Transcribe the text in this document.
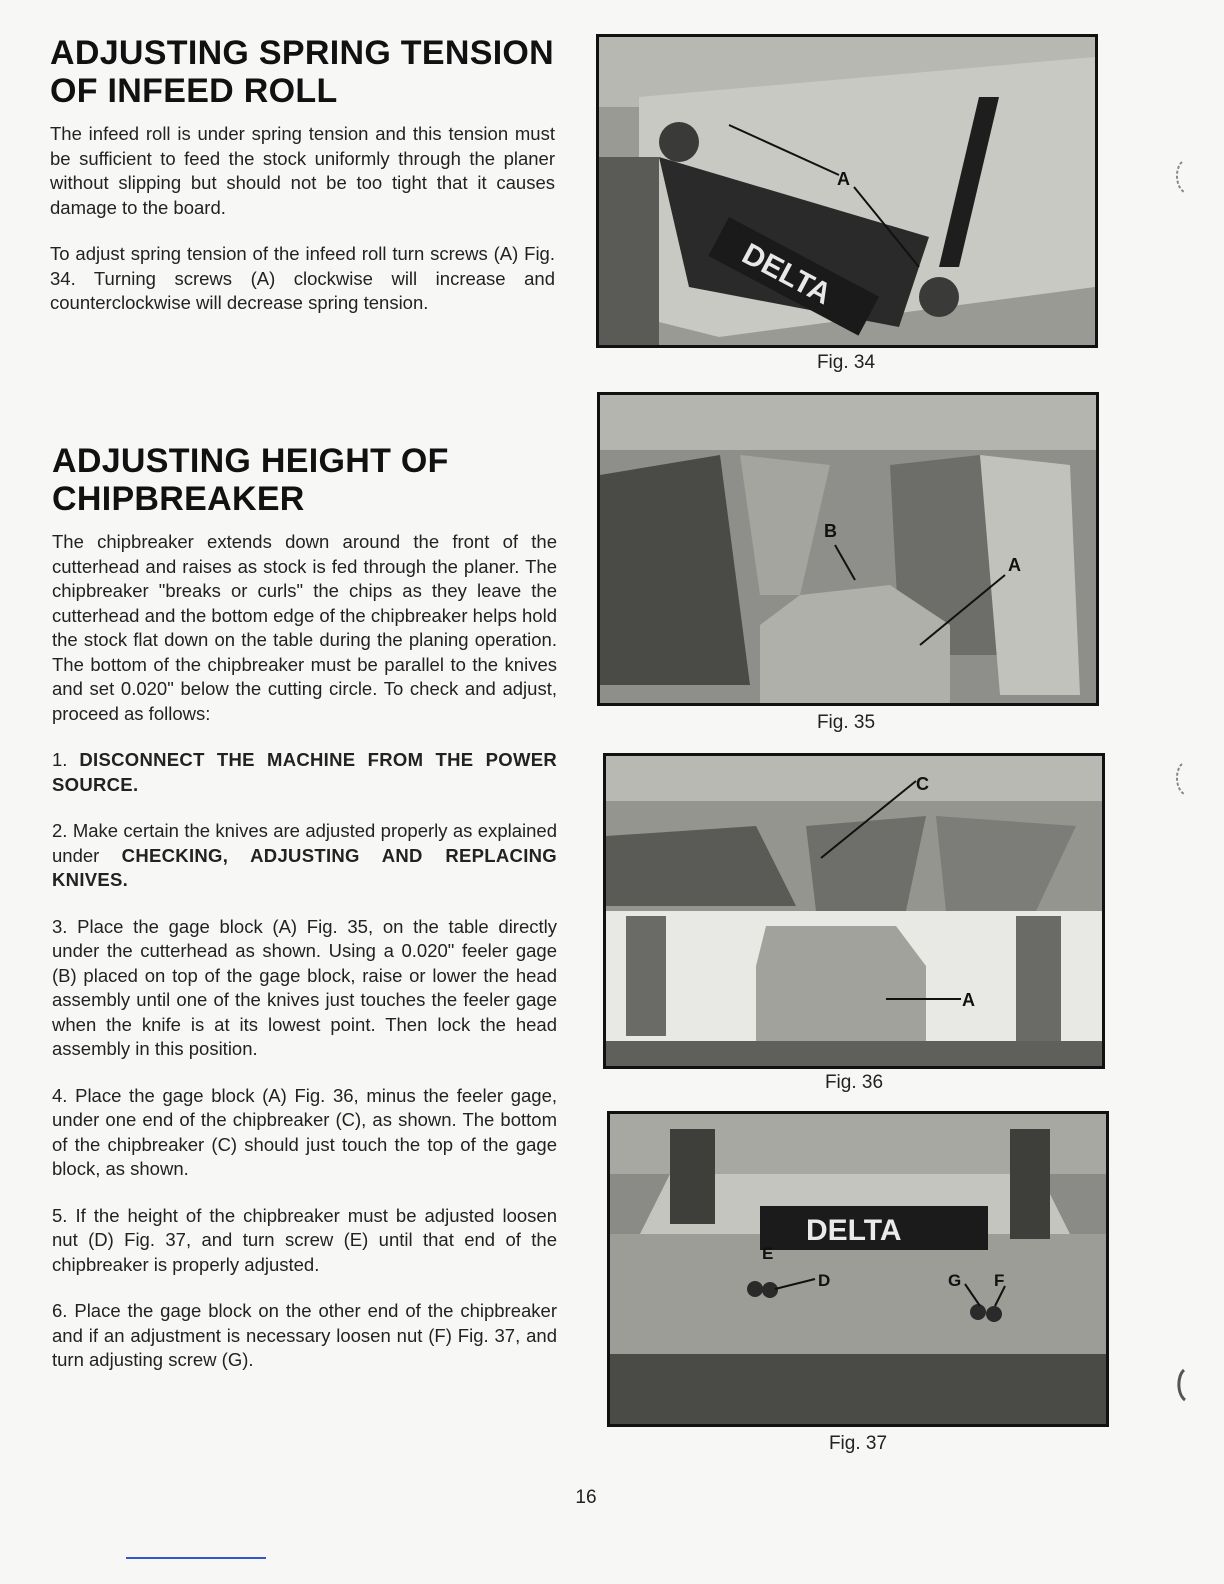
ADJUSTING SPRING TENSION OF INFEED ROLL

The infeed roll is under spring tension and this tension must be sufficient to feed the stock uniformly through the planer without slipping but should not be too tight that it causes damage to the board.

To adjust spring tension of the infeed roll turn screws (A) Fig. 34. Turning screws (A) clockwise will increase and counterclockwise will decrease spring tension.

ADJUSTING HEIGHT OF CHIPBREAKER

The chipbreaker extends down around the front of the cutterhead and raises as stock is fed through the planer. The chipbreaker "breaks or curls" the chips as they leave the cutterhead and the bottom edge of the chipbreaker helps hold the stock flat down on the table during the planing operation. The bottom of the chipbreaker must be parallel to the knives and set 0.020" below the cutting circle. To check and adjust, proceed as follows:

1. DISCONNECT THE MACHINE FROM THE POWER SOURCE.

2. Make certain the knives are adjusted properly as explained under CHECKING, ADJUSTING AND REPLACING KNIVES.

3. Place the gage block (A) Fig. 35, on the table directly under the cutterhead as shown. Using a 0.020" feeler gage (B) placed on top of the gage block, raise or lower the head assembly until one of the knives just touches the feeler gage when the knife is at its lowest point. Then lock the head assembly in this position.

4. Place the gage block (A) Fig. 36, minus the feeler gage, under one end of the chipbreaker (C), as shown. The bottom of the chipbreaker (C) should just touch the top of the gage block, as shown.

5. If the height of the chipbreaker must be adjusted loosen nut (D) Fig. 37, and turn screw (E) until that end of the chipbreaker is properly adjusted.

6. Place the gage block on the other end of the chipbreaker and if an adjustment is necessary loosen nut (F) Fig. 37, and turn adjusting screw (G).

A
DELTA
Fig. 34
B
A
Fig. 35
C
A
Fig. 36
DELTA
E
D	G F
Fig. 37
16
